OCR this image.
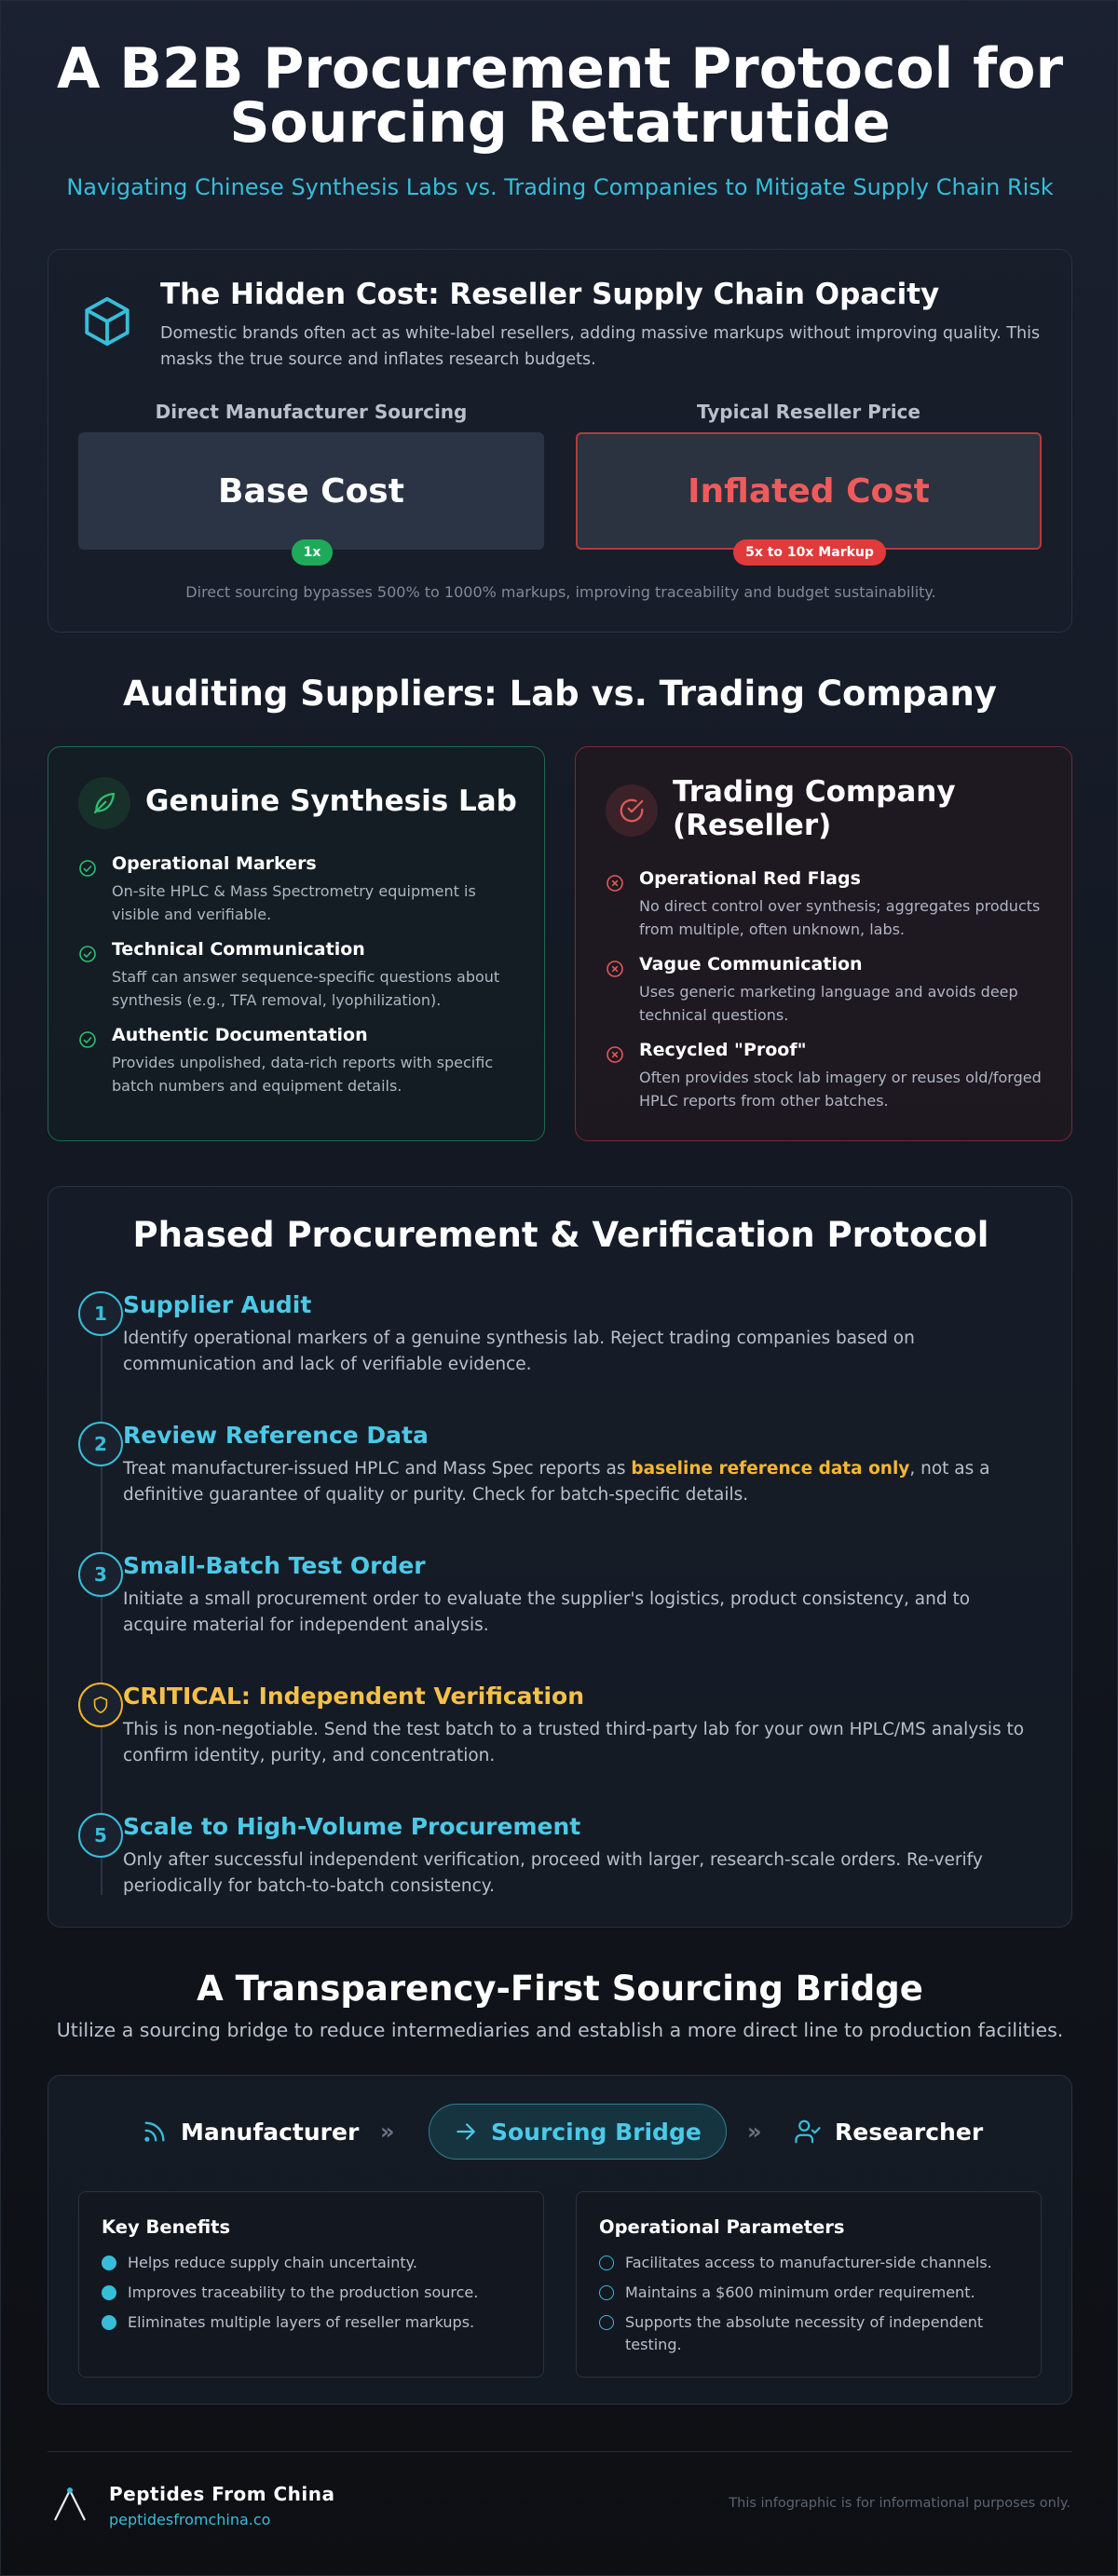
A B2B Procurement Protocol for
Sourcing Retatrutide
Navigating Chinese Synthesis Labs vs. Trading Companies to Mitigate Supply Chain Risk
The Hidden Cost: Reseller Supply Chain Opacity
Domestic brands often act as white-label resellers, adding massive markups without improving quality. This masks the true source and inflates research budgets.
Direct Manufacturer Sourcing	Typical Reseller Price
Base Cost	Inflated Cost
1x	5x to 10x Markup
Direct sourcing bypasses 500% to 1000% markups, improving traceability and budget sustainability.
Auditing Suppliers: Lab vs. Trading Company
Genuine Synthesis Lab
Operational Markers
On-site HPLC & Mass Spectrometry equipment is visible and verifiable.
Technical Communication
Staff can answer sequence-specific questions about synthesis (e.g., TFA removal, lyophilization).
Authentic Documentation
Provides unpolished, data-rich reports with specific batch numbers and equipment details.
Trading Company
(Reseller)
Operational Red Flags
No direct control over synthesis; aggregates products from multiple, often unknown, labs.
Vague Communication
Uses generic marketing language and avoids deep technical questions.
Recycled "Proof"
Often provides stock lab imagery or reuses old/forged HPLC reports from other batches.
Phased Procurement & Verification Protocol
1 Supplier Audit
Identify operational markers of a genuine synthesis lab. Reject trading companies based on communication and lack of verifiable evidence.
2 Review Reference Data
Treat manufacturer-issued HPLC and Mass Spec reports as baseline reference data only, not as a definitive guarantee of quality or purity. Check for batch-specific details.
3 Small-Batch Test Order
Initiate a small procurement order to evaluate the supplier's logistics, product consistency, and to acquire material for independent analysis.
CRITICAL: Independent Verification
This is non-negotiable. Send the test batch to a trusted third-party lab for your own HPLC/MS analysis to confirm identity, purity, and concentration.
5 Scale to High-Volume Procurement
Only after successful independent verification, proceed with larger, research-scale orders. Re-verify periodically for batch-to-batch consistency.
A Transparency-First Sourcing Bridge
Utilize a sourcing bridge to reduce intermediaries and establish a more direct line to production facilities.
Manufacturer »	Sourcing Bridge »	Researcher
Key Benefits
Helps reduce supply chain uncertainty.
Improves traceability to the production source.
Eliminates multiple layers of reseller markups.
Operational Parameters
Facilitates access to manufacturer-side channels.
Maintains a $600 minimum order requirement.
Supports the absolute necessity of independent testing.
Peptides From China
peptidesfromchina.co
This infographic is for informational purposes only.
